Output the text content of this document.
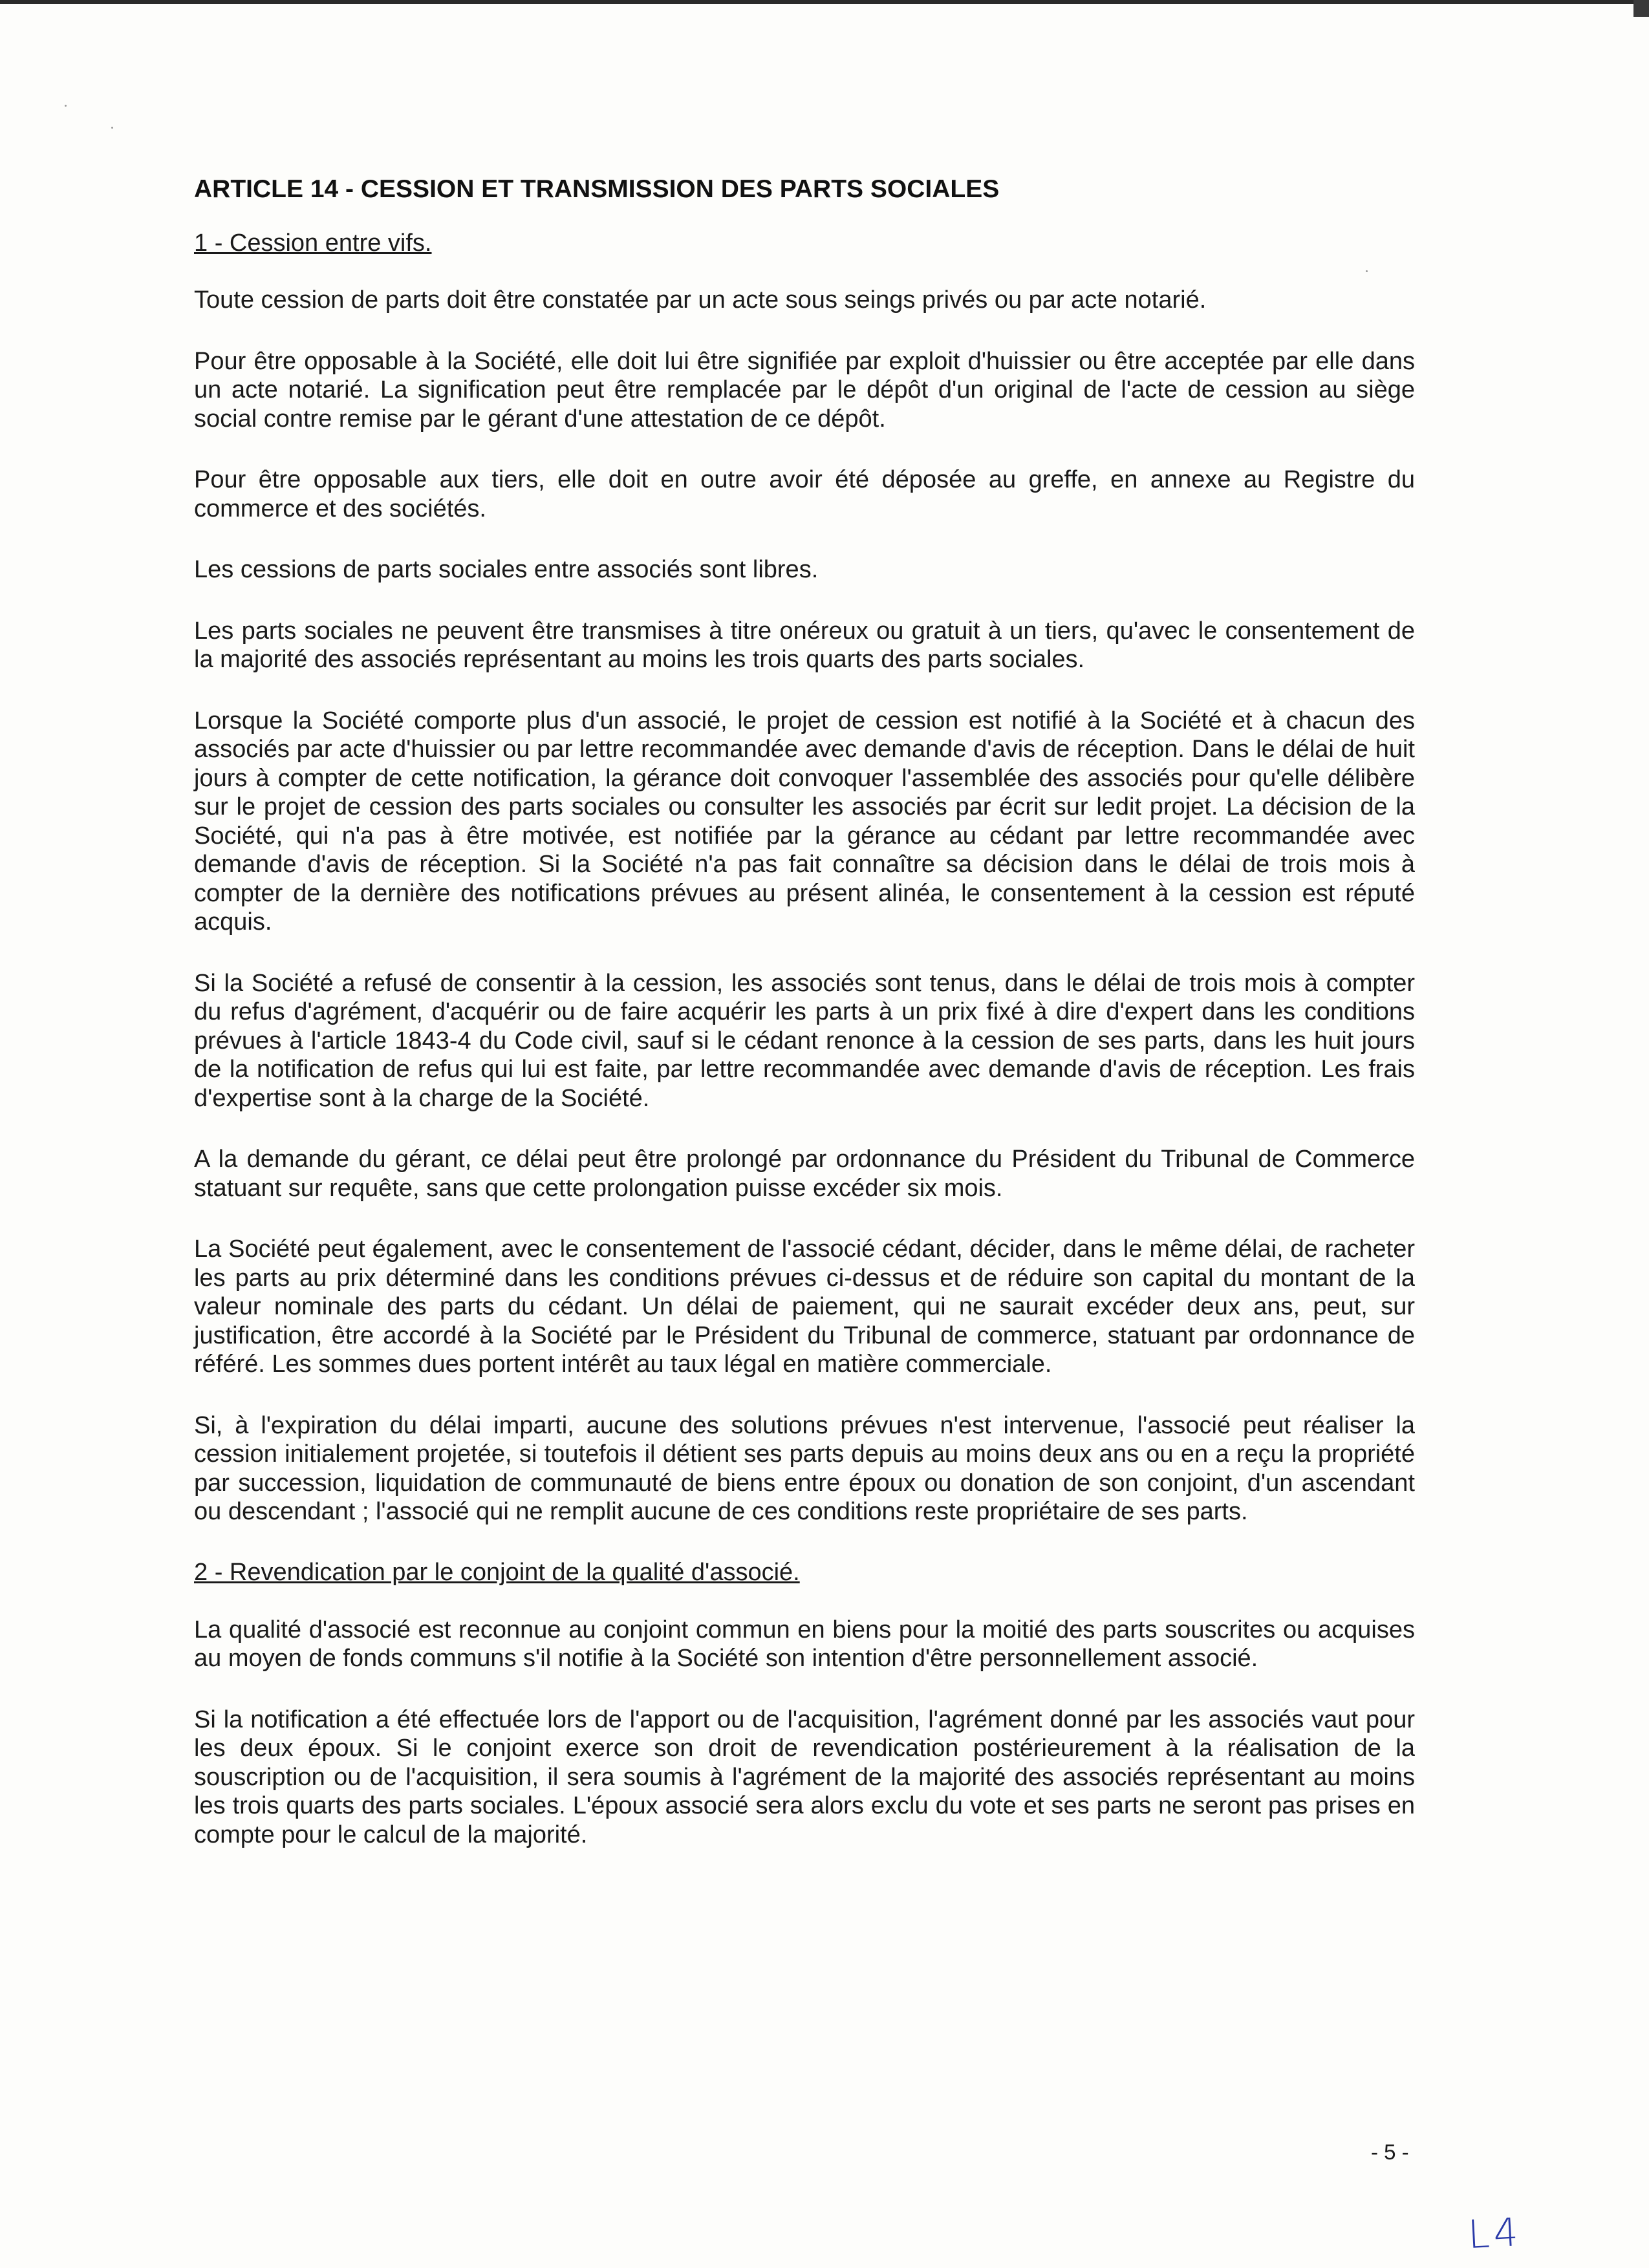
ARTICLE 14 - CESSION ET TRANSMISSION DES PARTS SOCIALES
1 - Cession entre vifs.

Toute cession de parts doit être constatée par un acte sous seings privés ou par acte notarié.

Pour être opposable à la Société, elle doit lui être signifiée par exploit d'huissier ou être acceptée par elle dans un acte notarié. La signification peut être remplacée par le dépôt d'un original de l'acte de cession au siège social contre remise par le gérant d'une attestation de ce dépôt.

Pour être opposable aux tiers, elle doit en outre avoir été déposée au greffe, en annexe au Registre du commerce et des sociétés.

Les cessions de parts sociales entre associés sont libres.

Les parts sociales ne peuvent être transmises à titre onéreux ou gratuit à un tiers, qu'avec le consentement de la majorité des associés représentant au moins les trois quarts des parts sociales.

Lorsque la Société comporte plus d'un associé, le projet de cession est notifié à la Société et à chacun des associés par acte d'huissier ou par lettre recommandée avec demande d'avis de réception. Dans le délai de huit jours à compter de cette notification, la gérance doit convoquer l'assemblée des associés pour qu'elle délibère sur le projet de cession des parts sociales ou consulter les associés par écrit sur ledit projet. La décision de la Société, qui n'a pas à être motivée, est notifiée par la gérance au cédant par lettre recommandée avec demande d'avis de réception. Si la Société n'a pas fait connaître sa décision dans le délai de trois mois à compter de la dernière des notifications prévues au présent alinéa, le consentement à la cession est réputé acquis.

Si la Société a refusé de consentir à la cession, les associés sont tenus, dans le délai de trois mois à compter du refus d'agrément, d'acquérir ou de faire acquérir les parts à un prix fixé à dire d'expert dans les conditions prévues à l'article 1843-4 du Code civil, sauf si le cédant renonce à la cession de ses parts, dans les huit jours de la notification de refus qui lui est faite, par lettre recommandée avec demande d'avis de réception. Les frais d'expertise sont à la charge de la Société.

A la demande du gérant, ce délai peut être prolongé par ordonnance du Président du Tribunal de Commerce statuant sur requête, sans que cette prolongation puisse excéder six mois.

La Société peut également, avec le consentement de l'associé cédant, décider, dans le même délai, de racheter les parts au prix déterminé dans les conditions prévues ci-dessus et de réduire son capital du montant de la valeur nominale des parts du cédant. Un délai de paiement, qui ne saurait excéder deux ans, peut, sur justification, être accordé à la Société par le Président du Tribunal de commerce, statuant par ordonnance de référé. Les sommes dues portent intérêt au taux légal en matière commerciale.

Si, à l'expiration du délai imparti, aucune des solutions prévues n'est intervenue, l'associé peut réaliser la cession initialement projetée, si toutefois il détient ses parts depuis au moins deux ans ou en a reçu la propriété par succession, liquidation de communauté de biens entre époux ou donation de son conjoint, d'un ascendant ou descendant ; l'associé qui ne remplit aucune de ces conditions reste propriétaire de ses parts.

2 - Revendication par le conjoint de la qualité d'associé.

La qualité d'associé est reconnue au conjoint commun en biens pour la moitié des parts souscrites ou acquises au moyen de fonds communs s'il notifie à la Société son intention d'être personnellement associé.

Si la notification a été effectuée lors de l'apport ou de l'acquisition, l'agrément donné par les associés vaut pour les deux époux. Si le conjoint exerce son droit de revendication postérieurement à la réalisation de la souscription ou de l'acquisition, il sera soumis à l'agrément de la majorité des associés représentant au moins les trois quarts des parts sociales. L'époux associé sera alors exclu du vote et ses parts ne seront pas prises en compte pour le calcul de la majorité.

- 5 -
L4
